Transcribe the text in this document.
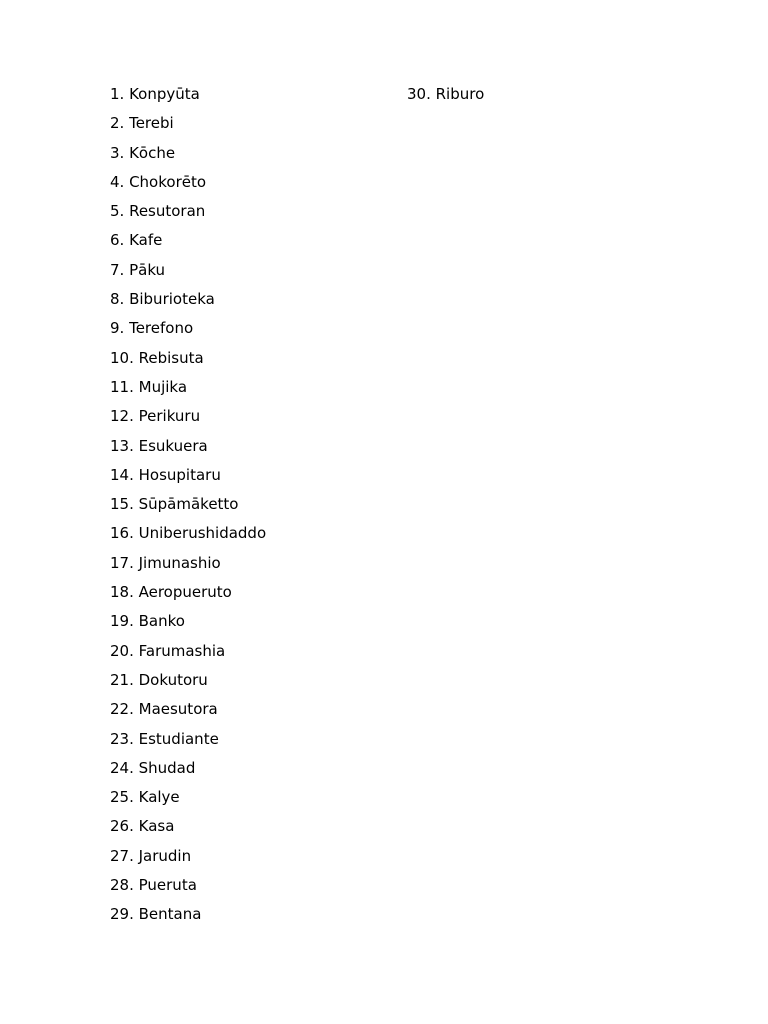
1. Konpyūta
2. Terebi
3. Kōche
4. Chokorēto
5. Resutoran
6. Kafe
7. Pāku
8. Biburioteka
9. Terefono
10. Rebisuta
11. Mujika
12. Perikuru
13. Esukuera
14. Hosupitaru
15. Sūpāmāketto
16. Uniberushidaddo
17. Jimunashio
18. Aeropueruto
19. Banko
20. Farumashia
21. Dokutoru
22. Maesutora
23. Estudiante
24. Shudad
25. Kalye
26. Kasa
27. Jarudin
28. Pueruta
29. Bentana
30. Riburo
